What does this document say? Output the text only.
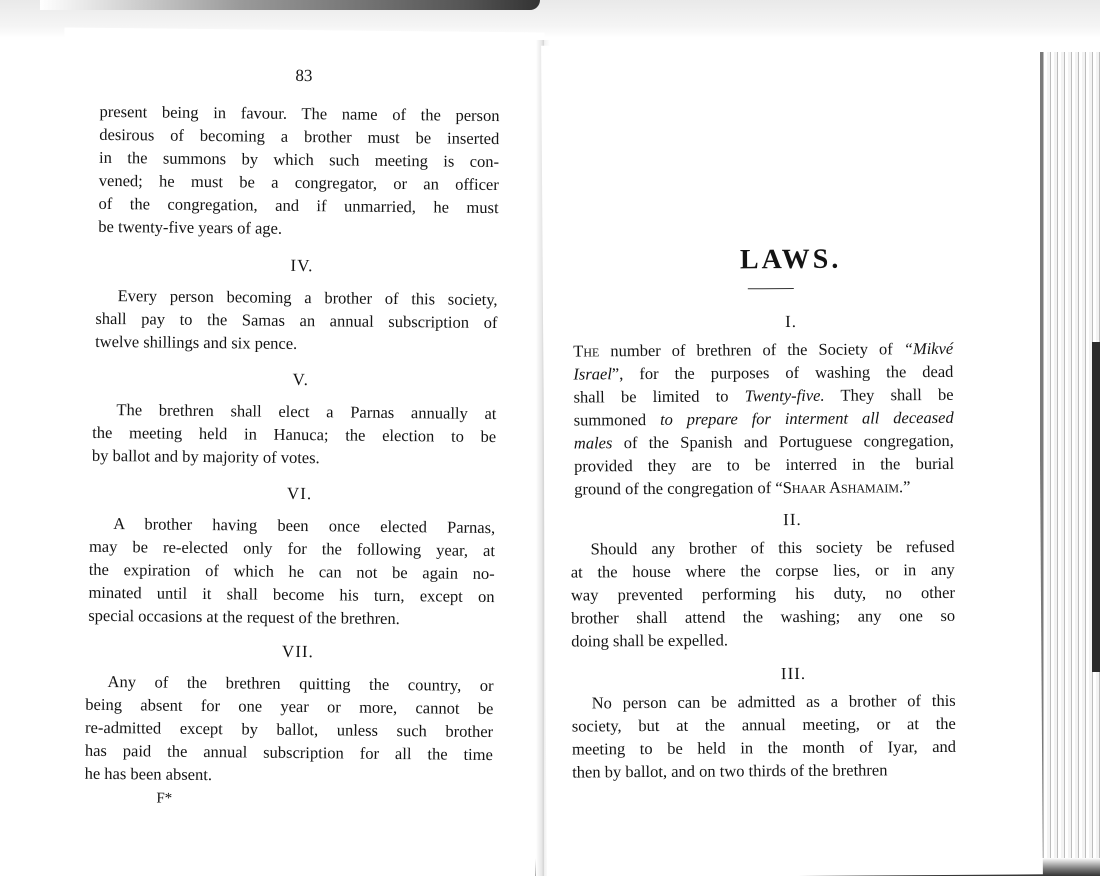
83
present being in favour. The name of the person
desirous of becoming a brother must be inserted
in the summons by which such meeting is con-
vened; he must be a congregator, or an officer
of the congregation, and if unmarried, he must
be twenty-five years of age.
IV.
Every person becoming a brother of this society,
shall pay to the Samas an annual subscription of
twelve shillings and six pence.
V.
The brethren shall elect a Parnas annually at
the meeting held in Hanuca; the election to be
by ballot and by majority of votes.
VI.
A brother having been once elected Parnas,
may be re-elected only for the following year, at
the expiration of which he can not be again no-
minated until it shall become his turn, except on
special occasions at the request of the brethren.
VII.
Any of the brethren quitting the country, or
being absent for one year or more, cannot be
re-admitted except by ballot, unless such brother
has paid the annual subscription for all the time
he has been absent.
F*
LAWS.
I.
The number of brethren of the Society of “Mikvé
Israel”, for the purposes of washing the dead
shall be limited to Twenty-five. They shall be
summoned to prepare for interment all deceased
males of the Spanish and Portuguese congregation,
provided they are to be interred in the burial
ground of the congregation of “Shaar Ashamaim.”
II.
Should any brother of this society be refused
at the house where the corpse lies, or in any
way prevented performing his duty, no other
brother shall attend the washing; any one so
doing shall be expelled.
III.
No person can be admitted as a brother of this
society, but at the annual meeting, or at the
meeting to be held in the month of Iyar, and
then by ballot, and on two thirds of the brethren
